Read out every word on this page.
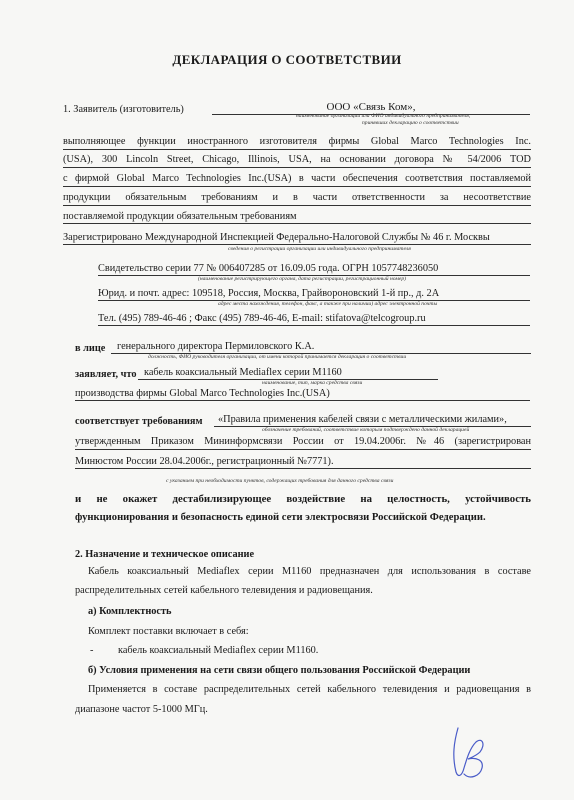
ДЕКЛАРАЦИЯ О СООТВЕТСТВИИ
1. Заявитель (изготовитель)	ООО «Связь Ком»,
наименование организации или ФИО индивидуального предпринимателя,
принявших декларацию о соответствии
выполняющее функции иностранного изготовителя фирмы Global Marco Technologies Inc.
(USA), 300 Lincoln Street, Chicago, Illinois, USA, на основании договора № 54/2006 TOD
с фирмой Global Marco Technologies Inc.(USA) в части обеспечения соответствия поставляемой
продукции обязательным требованиям и в части ответственности за несоответствие
поставляемой продукции обязательным требованиям
Зарегистрировано Международной Инспекцией Федерально-Налоговой Службы № 46 г. Москвы
сведения о регистрации организации или индивидуального предпринимателя
Свидетельство серии 77 № 006407285 от 16.09.05 года. ОГРН 1057748236050
(наименование регистрирующего органа, дата регистрации, регистрационный номер)
Юрид. и почт. адрес: 109518, Россия, Москва, Грайвороновский 1-й пр., д. 2А
адрес места нахождения, телефон, факс, а также при наличии) адрес электронной почты
Тел. (495) 789-46-46 ; Факс (495) 789-46-46, E-mail: stifatova@telcogroup.ru
в лице	генерального директора Пермиловского К.А.
должность, ФИО руководителя организации, от имени которой принимается декларация о соответствии
заявляет, что кабель коаксиальный Mediaflex серии M1160
наименование, тип, марка средства связи
производства фирмы Global Marco Technologies Inc.(USA)
соответствует требованиям	«Правила применения кабелей связи с металлическими жилами»,
обозначение требований, соответствие которым подтверждено данной декларацией
утвержденным Приказом Мининформсвязи России от 19.04.2006г. №46 (зарегистрирован
Минюстом России 28.04.2006г., регистрационный №7771).
с указанием при необходимости пунктов, содержащих требования для данного средства связи
и не окажет дестабилизирующее воздействие на целостность, устойчивость
функционирования и безопасность единой сети электросвязи Российской Федерации.
2. Назначение и техническое описание
Кабель коаксиальный Mediaflex серии M1160 предназначен для использования в составе
распределительных сетей кабельного телевидения и радиовещания.
а) Комплектность
Комплект поставки включает в себя:
- кабель коаксиальный Mediaflex серии M1160.
б) Условия применения на сети связи общего пользования Российской Федерации
Применяется в составе распределительных сетей кабельного телевидения и радиовещания в
диапазоне частот 5-1000 МГц.
